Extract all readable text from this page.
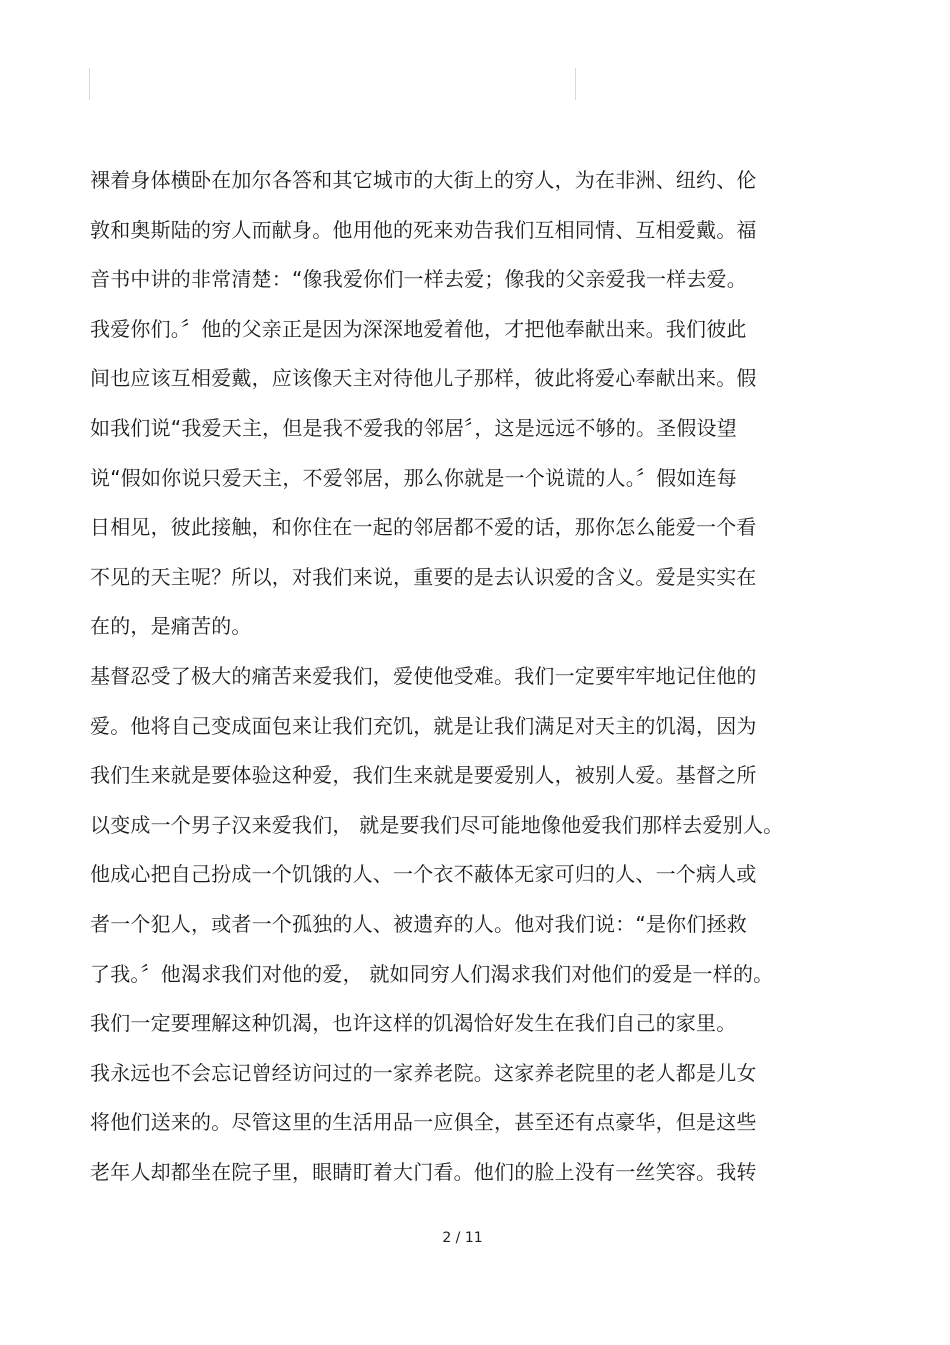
裸着身体横卧在加尔各答和其它城市的大街上的穷人，为在非洲、纽约、伦
敦和奥斯陆的穷人而献身。他用他的死来劝告我们互相同情、互相爱戴。福
音书中讲的非常清楚：“像我爱你们一样去爱；像我的父亲爱我一样去爱。
我爱你们。〞他的父亲正是因为深深地爱着他，才把他奉献出来。我们彼此
间也应该互相爱戴，应该像天主对待他儿子那样，彼此将爱心奉献出来。假
如我们说“我爱天主，但是我不爱我的邻居〞，这是远远不够的。圣假设望
说“假如你说只爱天主，不爱邻居，那么你就是一个说谎的人。〞假如连每
日相见，彼此接触，和你住在一起的邻居都不爱的话，那你怎么能爱一个看
不见的天主呢？所以，对我们来说，重要的是去认识爱的含义。爱是实实在
在的，是痛苦的。
基督忍受了极大的痛苦来爱我们，爱使他受难。我们一定要牢牢地记住他的
爱。他将自己变成面包来让我们充饥，就是让我们满足对天主的饥渴，因为
我们生来就是要体验这种爱，我们生来就是要爱别人，被别人爱。基督之所
以变成一个男子汉来爱我们， 就是要我们尽可能地像他爱我们那样去爱别人。
他成心把自己扮成一个饥饿的人、一个衣不蔽体无家可归的人、一个病人或
者一个犯人，或者一个孤独的人、被遗弃的人。他对我们说：“是你们拯救
了我。〞他渴求我们对他的爱， 就如同穷人们渴求我们对他们的爱是一样的。
我们一定要理解这种饥渴，也许这样的饥渴恰好发生在我们自己的家里。
我永远也不会忘记曾经访问过的一家养老院。这家养老院里的老人都是儿女
将他们送来的。尽管这里的生活用品一应俱全，甚至还有点豪华，但是这些
老年人却都坐在院子里，眼睛盯着大门看。他们的脸上没有一丝笑容。我转
2 / 11
